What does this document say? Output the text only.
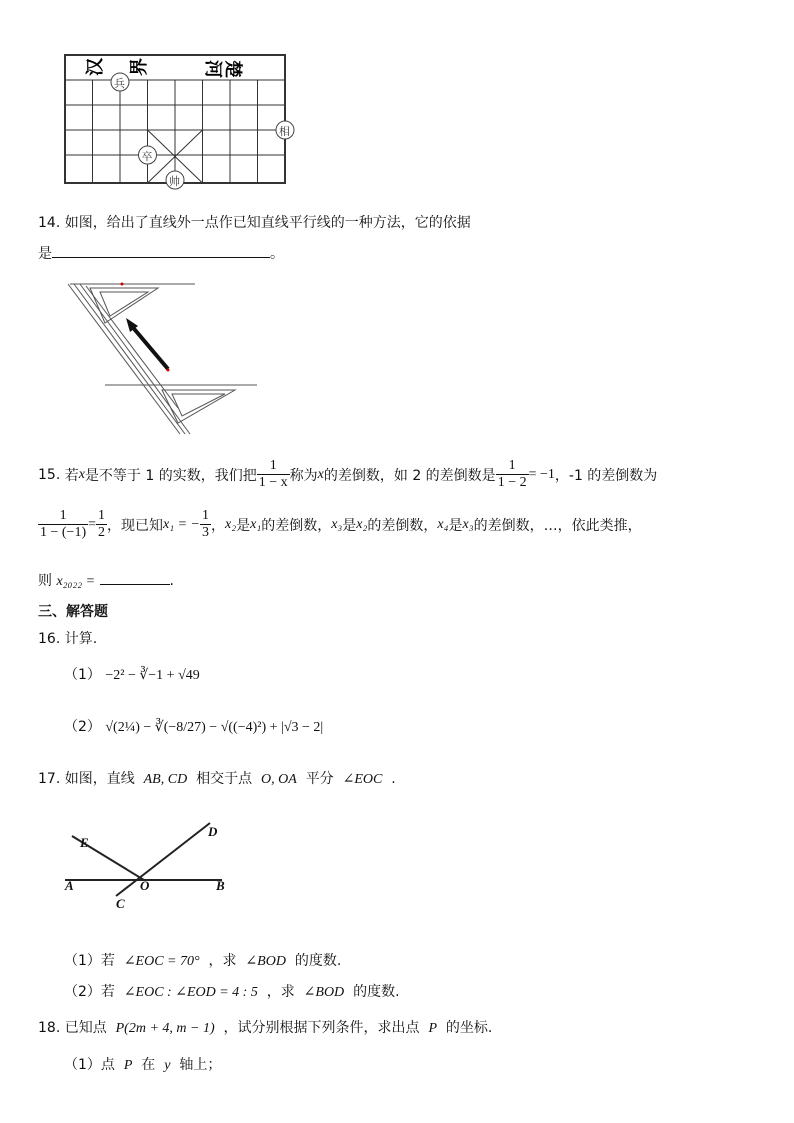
汉 界	河 楚
兵
相
卒
帅
14. 如图，给出了直线外一点作已知直线平行线的一种方法，它的依据
是	。
15.
若 x 是不等于 1 的实数，我们把 $\frac{1}{1 - x}$ 称为 x 的差倒数，如 2 的差倒数是 $\frac{1}{1 - 2} = -1$ ，-1 的差倒数为
$\frac{1}{1 - (-1)} = \frac{1}{2}$ ，现已知 x₁ = − $\frac{1}{3}$ ， x₂ 是 x₁ 的差倒数， x₃ 是 x₂ 的差倒数， x₄ 是 x₃ 的差倒数，…，依此类推，
则 x₂₀₂₂ =	.
三、解答题
16. 计算.
（1） −2² − ∛−1 + √49
（2） √(2¼) − ∛(−8/27) − √((−4)²) + |√3 − 2|
17. 如图，直线 AB, CD 相交于点 O, OA 平分 ∠EOC .
E
D
A	O	B
C
（1）若 ∠EOC = 70° ，求 ∠BOD 的度数.
（2）若 ∠EOC : ∠EOD = 4 : 5 ，求 ∠BOD 的度数.
18. 已知点 P(2m + 4, m − 1) ，试分别根据下列条件，求出点 P 的坐标.
（1）点 P 在 y 轴上；
